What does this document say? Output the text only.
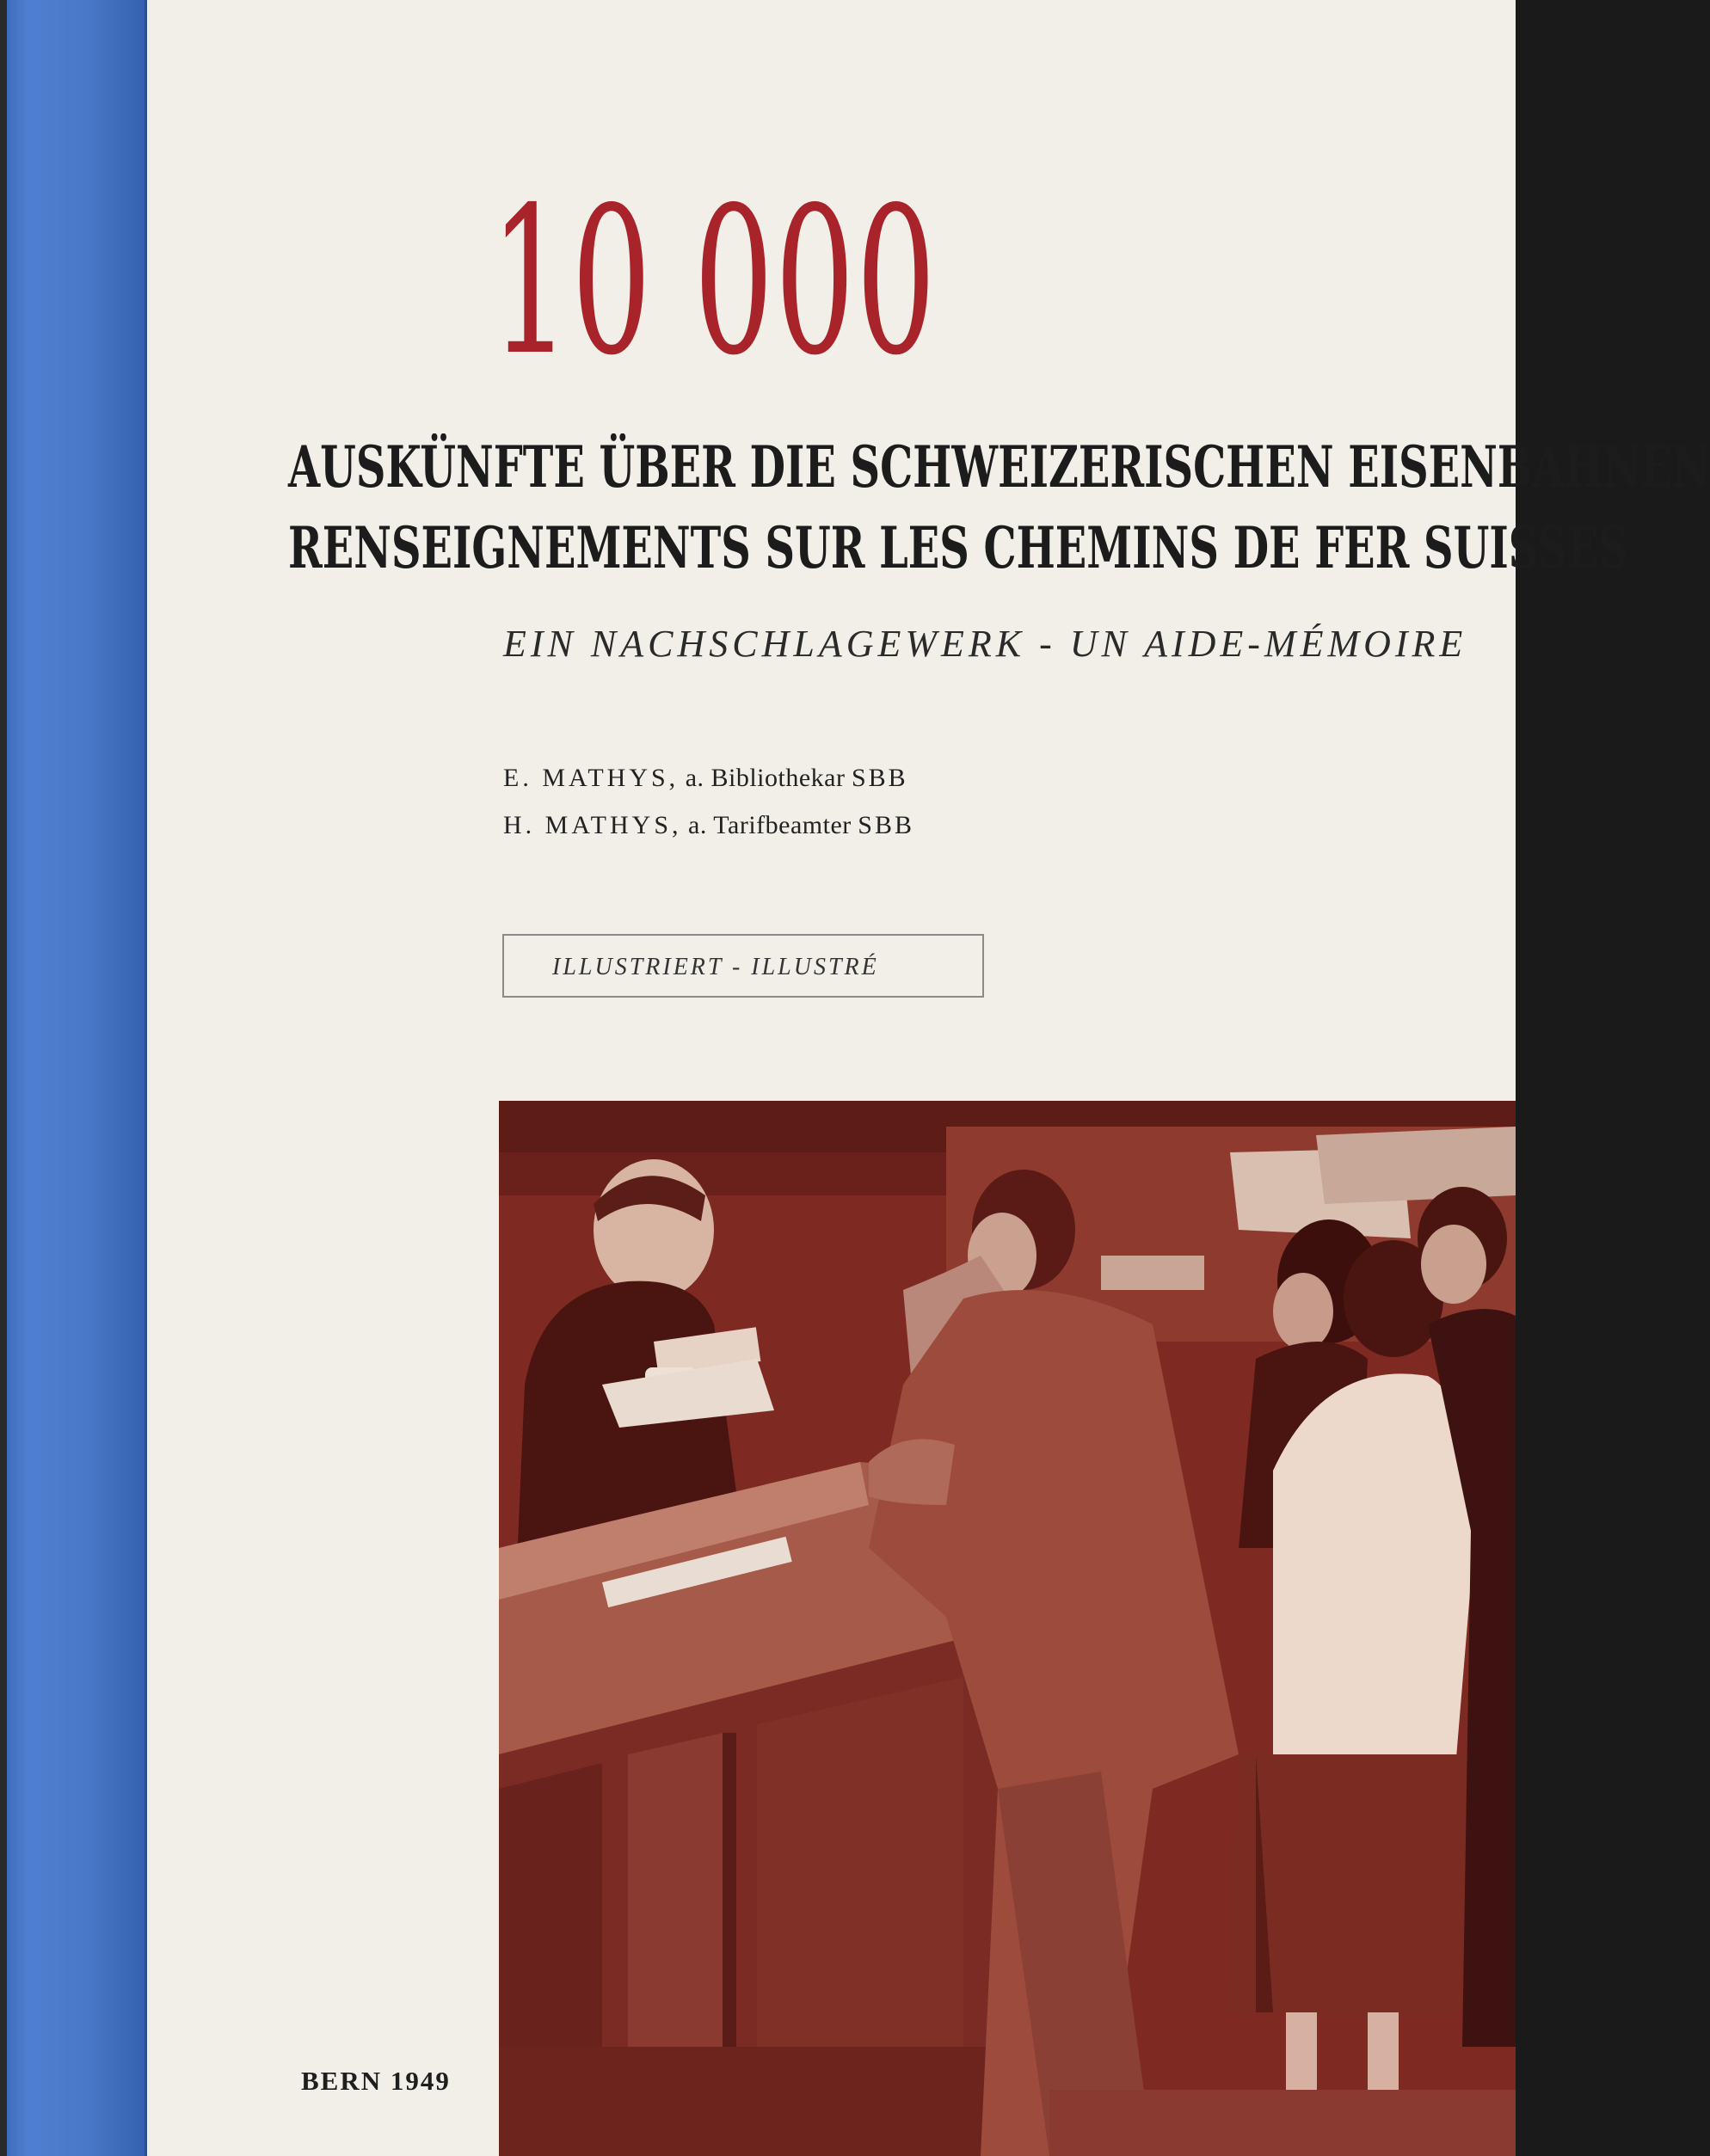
10 000
AUSKÜNFTE ÜBER DIE SCHWEIZERISCHEN EISENBAHNEN
RENSEIGNEMENTS SUR LES CHEMINS DE FER SUISSES
EIN NACHSCHLAGEWERK - UN AIDE-MÉMOIRE
E. MATHYS, a. Bibliothekar SBB
H. MATHYS, a. Tarifbeamter SBB
ILLUSTRIERT - ILLUSTRÉ
BERN 1949
